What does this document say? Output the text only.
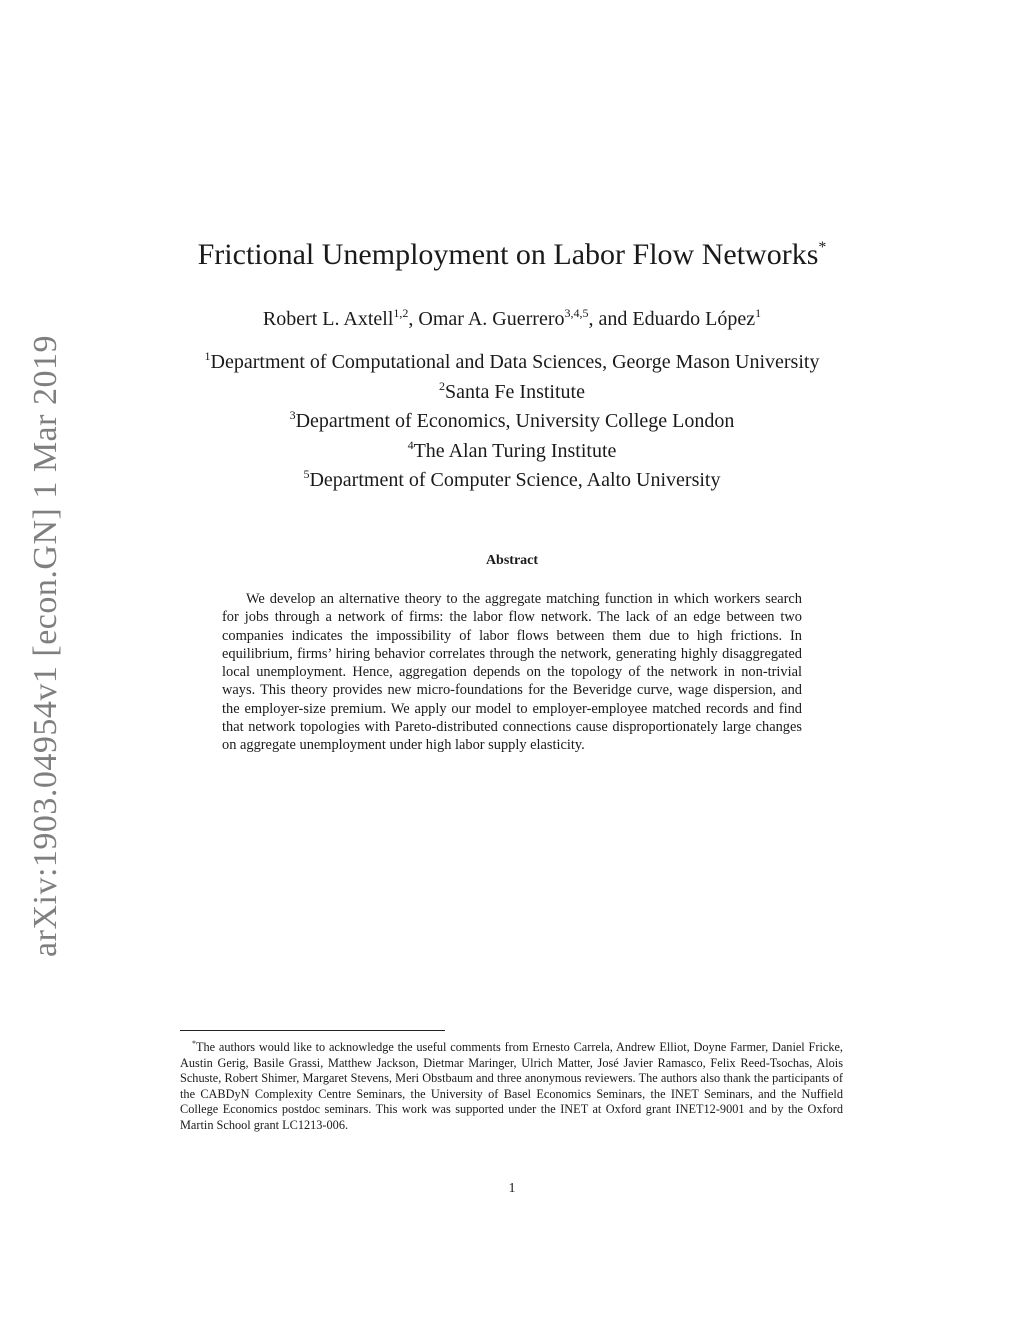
arXiv:1903.04954v1 [econ.GN] 1 Mar 2019
Frictional Unemployment on Labor Flow Networks*
Robert L. Axtell$^{1,2}$, Omar A. Guerrero$^{3,4,5}$, and Eduardo López$^1$
$^1$Department of Computational and Data Sciences, George Mason University
$^2$Santa Fe Institute
$^3$Department of Economics, University College London
$^4$The Alan Turing Institute
$^5$Department of Computer Science, Aalto University
Abstract

We develop an alternative theory to the aggregate matching function in which workers search for jobs through a network of firms: the labor flow network. The lack of an edge between two companies indicates the impossibility of labor flows between them due to high frictions. In equilibrium, firms’ hiring behavior correlates through the network, generating highly disaggregated local unemployment. Hence, aggregation depends on the topology of the network in non-trivial ways. This theory provides new micro-foundations for the Beveridge curve, wage dispersion, and the employer-size premium. We apply our model to employer-employee matched records and find that network topologies with Pareto-distributed connections cause disproportionately large changes on aggregate unemployment under high labor supply elasticity.

*The authors would like to acknowledge the useful comments from Ernesto Carrela, Andrew Elliot, Doyne Farmer, Daniel Fricke, Austin Gerig, Basile Grassi, Matthew Jackson, Dietmar Maringer, Ulrich Matter, José Javier Ramasco, Felix Reed-Tsochas, Alois Schuste, Robert Shimer, Margaret Stevens, Meri Obstbaum and three anonymous reviewers. The authors also thank the participants of the CABDyN Complexity Centre Seminars, the University of Basel Economics Seminars, the INET Seminars, and the Nuffield College Economics postdoc seminars. This work was supported under the INET at Oxford grant INET12-9001 and by the Oxford Martin School grant LC1213-006.

1
